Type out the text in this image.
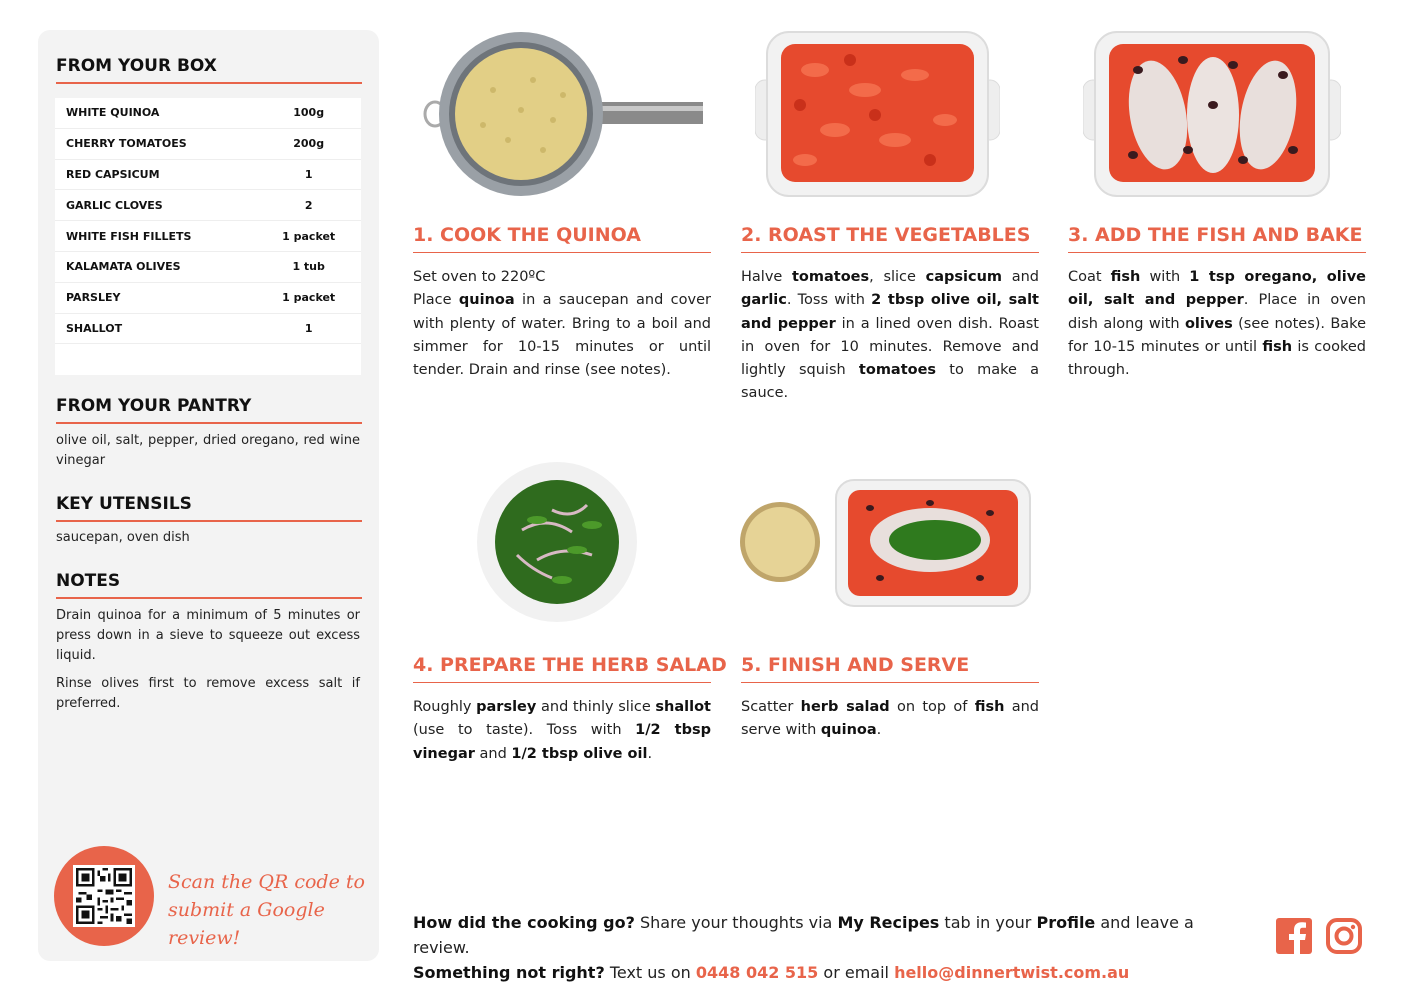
FROM YOUR BOX
WHITE QUINOA	100g
CHERRY TOMATOES	200g
RED CAPSICUM	1
GARLIC CLOVES	2
WHITE FISH FILLETS	1 packet
KALAMATA OLIVES	1 tub
PARSLEY	1 packet
SHALLOT	1
FROM YOUR PANTRY
olive oil, salt, pepper, dried oregano, red wine vinegar
KEY UTENSILS
saucepan, oven dish
NOTES
Drain quinoa for a minimum of 5 minutes or press down in a sieve to squeeze out excess liquid.
Rinse olives first to remove excess salt if preferred.
Scan the QR code to
submit a Google review!
1. COOK THE QUINOA
Set oven to 220ºC
Place quinoa in a saucepan and cover with plenty of water. Bring to a boil and simmer for 10-15 minutes or until tender. Drain and rinse (see notes).
2. ROAST THE VEGETABLES
Halve tomatoes, slice capsicum and garlic. Toss with 2 tbsp olive oil, salt and pepper in a lined oven dish. Roast in oven for 10 minutes. Remove and lightly squish tomatoes to make a sauce.
3. ADD THE FISH AND BAKE
Coat fish with 1 tsp oregano, olive oil, salt and pepper. Place in oven dish along with olives (see notes). Bake for 10-15 minutes or until fish is cooked through.
4. PREPARE THE HERB SALAD
Roughly parsley and thinly slice shallot (use to taste). Toss with 1/2 tbsp vinegar and 1/2 tbsp olive oil.
5. FINISH AND SERVE
Scatter herb salad on top of fish and serve with quinoa.
How did the cooking go? Share your thoughts via My Recipes tab in your Profile and leave a review.
Something not right? Text us on 0448 042 515 or email hello@dinnertwist.com.au
